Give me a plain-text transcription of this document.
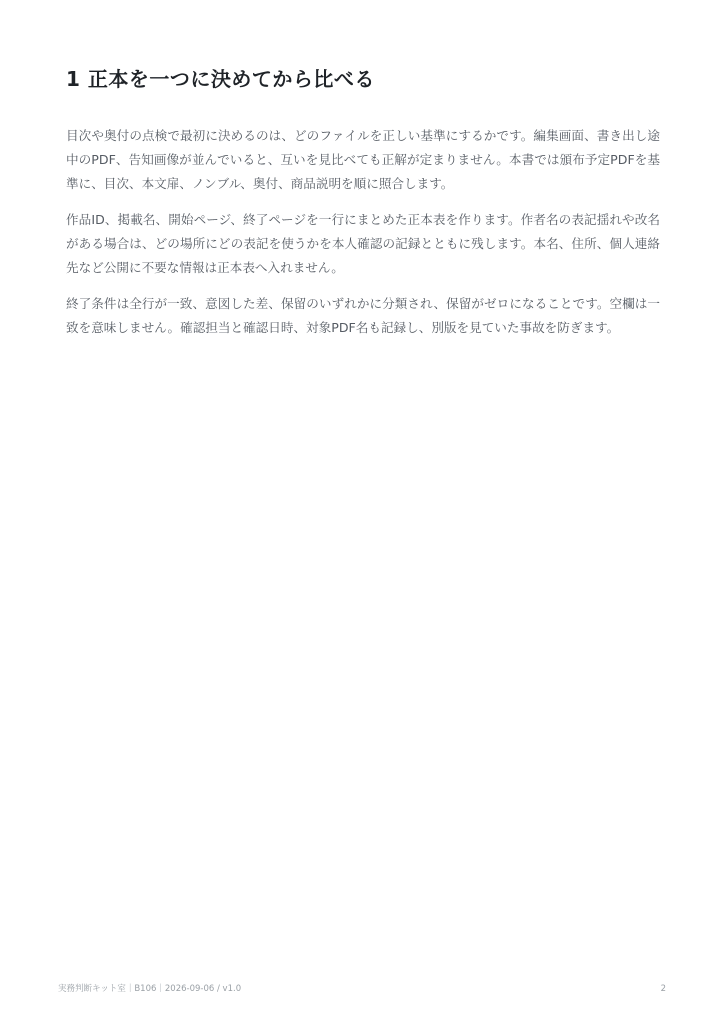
1 正本を一つに決めてから比べる

目次や奥付の点検で最初に決めるのは、どのファイルを正しい基準にするかです。編集画面、書き出し途中のPDF、告知画像が並んでいると、互いを見比べても正解が定まりません。本書では頒布予定PDFを基準に、目次、本文扉、ノンブル、奥付、商品説明を順に照合します。

作品ID、掲載名、開始ページ、終了ページを一行にまとめた正本表を作ります。作者名の表記揺れや改名がある場合は、どの場所にどの表記を使うかを本人確認の記録とともに残します。本名、住所、個人連絡先など公開に不要な情報は正本表へ入れません。

終了条件は全行が一致、意図した差、保留のいずれかに分類され、保留がゼロになることです。空欄は一致を意味しません。確認担当と確認日時、対象PDF名も記録し、別版を見ていた事故を防ぎます。

実務判断キット室｜B106｜2026-09-06 / v1.0	2
